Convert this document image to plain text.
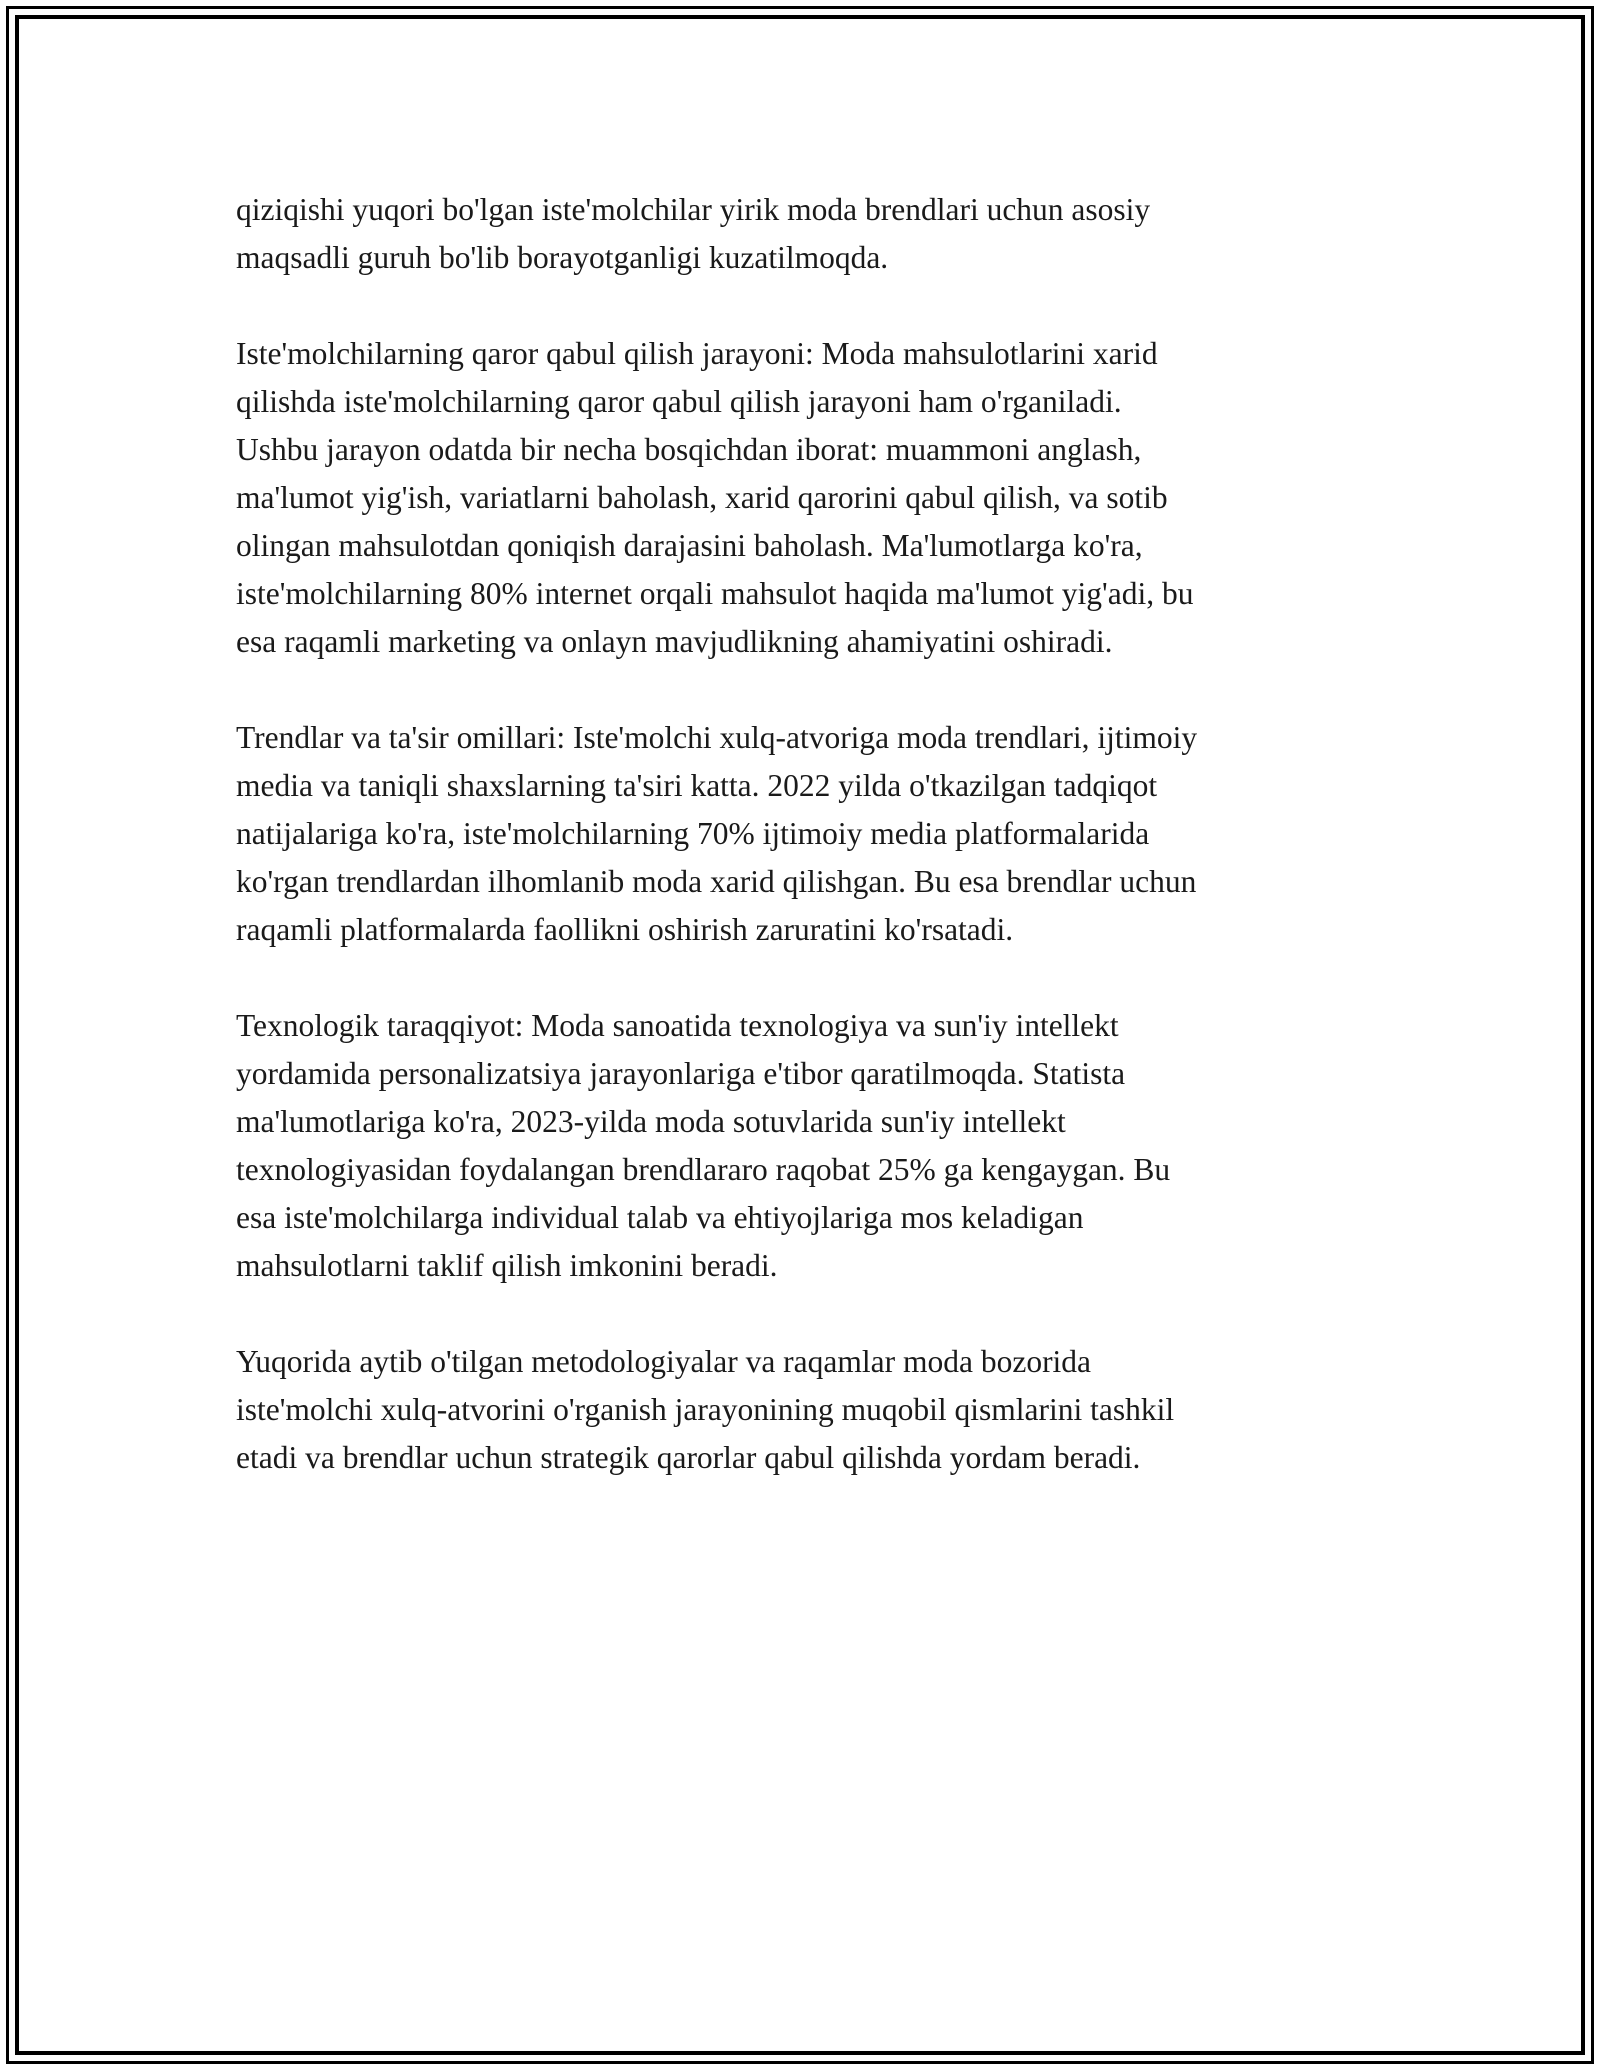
qiziqishi yuqori bo'lgan iste'molchilar yirik moda brendlari uchun asosiy
maqsadli guruh bo'lib borayotganligi kuzatilmoqda.

Iste'molchilarning qaror qabul qilish jarayoni: Moda mahsulotlarini xarid
qilishda iste'molchilarning qaror qabul qilish jarayoni ham o'rganiladi.
Ushbu jarayon odatda bir necha bosqichdan iborat: muammoni anglash,
ma'lumot yig'ish, variatlarni baholash, xarid qarorini qabul qilish, va sotib
olingan mahsulotdan qoniqish darajasini baholash. Ma'lumotlarga ko'ra,
iste'molchilarning 80% internet orqali mahsulot haqida ma'lumot yig'adi, bu
esa raqamli marketing va onlayn mavjudlikning ahamiyatini oshiradi.

Trendlar va ta'sir omillari: Iste'molchi xulq-atvoriga moda trendlari, ijtimoiy
media va taniqli shaxslarning ta'siri katta. 2022 yilda o'tkazilgan tadqiqot
natijalariga ko'ra, iste'molchilarning 70% ijtimoiy media platformalarida
ko'rgan trendlardan ilhomlanib moda xarid qilishgan. Bu esa brendlar uchun
raqamli platformalarda faollikni oshirish zaruratini ko'rsatadi.

Texnologik taraqqiyot: Moda sanoatida texnologiya va sun'iy intellekt
yordamida personalizatsiya jarayonlariga e'tibor qaratilmoqda. Statista
ma'lumotlariga ko'ra, 2023-yilda moda sotuvlarida sun'iy intellekt
texnologiyasidan foydalangan brendlararo raqobat 25% ga kengaygan. Bu
esa iste'molchilarga individual talab va ehtiyojlariga mos keladigan
mahsulotlarni taklif qilish imkonini beradi.

Yuqorida aytib o'tilgan metodologiyalar va raqamlar moda bozorida
iste'molchi xulq-atvorini o'rganish jarayonining muqobil qismlarini tashkil
etadi va brendlar uchun strategik qarorlar qabul qilishda yordam beradi.
